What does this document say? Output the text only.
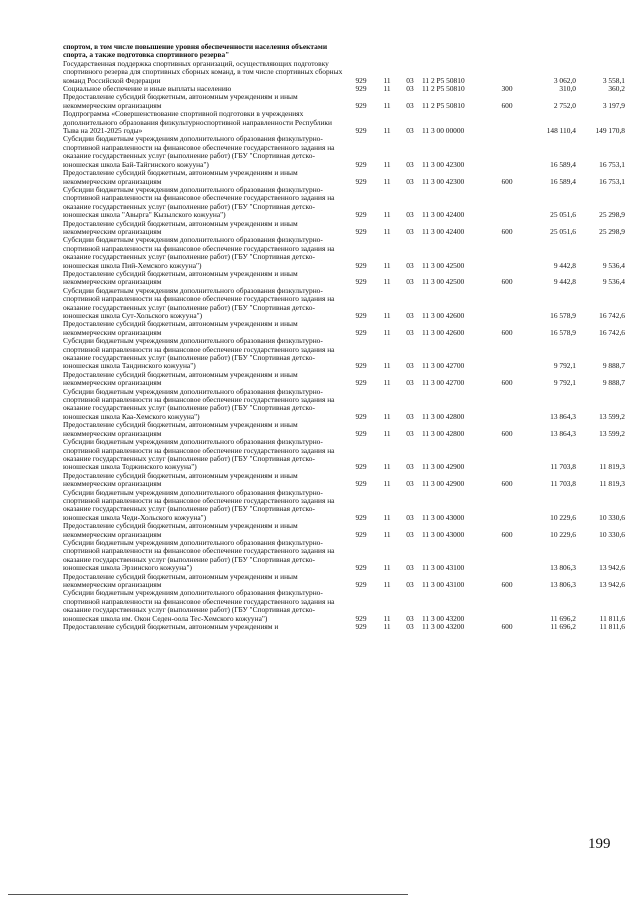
спортом, в том числе повышение уровня обеспеченности населения объектами спорта, а также подготовка спортивного резерва"							
Государственная поддержка спортивных организаций, осуществляющих подготовку спортивного резерва для спортивных сборных команд, в том числе спортивных сборных команд Российской Федерации	929	11	03	11 2 P5 50810		3 062,0	3 558,1
Социальное обеспечение и иные выплаты населению	929	11	03	11 2 P5 50810	300	310,0	360,2
Предоставление субсидий бюджетным, автономным учреждениям и иным некоммерческим организациям	929	11	03	11 2 P5 50810	600	2 752,0	3 197,9
Подпрограмма «Совершенствование спортивной подготовки в учреждениях дополнительного образования физкультурноспортивной направленности Республики Тыва на 2021-2025 годы»	929	11	03	11 3 00 00000		148 110,4	149 170,8
Субсидии бюджетным учреждениям дополнительного образования физкультурно-спортивной направленности на финансовое обеспечение государственного задания на оказание государственных услуг (выполнение работ) (ГБУ "Спортивная детско-юношеская школа Бай-Тайгинского кожууна")	929	11	03	11 3 00 42300		16 589,4	16 753,1
Предоставление субсидий бюджетным, автономным учреждениям и иным некоммерческим организациям	929	11	03	11 3 00 42300	600	16 589,4	16 753,1
Субсидии бюджетным учреждениям дополнительного образования физкультурно-спортивной направленности на финансовое обеспечение государственного задания на оказание государственных услуг (выполнение работ) (ГБУ "Спортивная детско-юношеская школа "Авырга" Кызылского кожууна")	929	11	03	11 3 00 42400		25 051,6	25 298,9
Предоставление субсидий бюджетным, автономным учреждениям и иным некоммерческим организациям	929	11	03	11 3 00 42400	600	25 051,6	25 298,9
Субсидии бюджетным учреждениям дополнительного образования физкультурно-спортивной направленности на финансовое обеспечение государственного задания на оказание государственных услуг (выполнение работ) (ГБУ "Спортивная детско-юношеская школа Пий-Хемского кожууна")	929	11	03	11 3 00 42500		9 442,8	9 536,4
Предоставление субсидий бюджетным, автономным учреждениям и иным некоммерческим организациям	929	11	03	11 3 00 42500	600	9 442,8	9 536,4
Субсидии бюджетным учреждениям дополнительного образования физкультурно-спортивной направленности на финансовое обеспечение государственного задания на оказание государственных услуг (выполнение работ) (ГБУ "Спортивная детско-юношеская школа Сут-Хольского кожууна")	929	11	03	11 3 00 42600		16 578,9	16 742,6
Предоставление субсидий бюджетным, автономным учреждениям и иным некоммерческим организациям	929	11	03	11 3 00 42600	600	16 578,9	16 742,6
Субсидии бюджетным учреждениям дополнительного образования физкультурно-спортивной направленности на финансовое обеспечение государственного задания на оказание государственных услуг (выполнение работ) (ГБУ "Спортивная детско-юношеская школа Тандинского кожууна")	929	11	03	11 3 00 42700		9 792,1	9 888,7
Предоставление субсидий бюджетным, автономным учреждениям и иным некоммерческим организациям	929	11	03	11 3 00 42700	600	9 792,1	9 888,7
Субсидии бюджетным учреждениям дополнительного образования физкультурно-спортивной направленности на финансовое обеспечение государственного задания на оказание государственных услуг (выполнение работ) (ГБУ "Спортивная детско-юношеская школа Каа-Хемского кожууна")	929	11	03	11 3 00 42800		13 864,3	13 599,2
Предоставление субсидий бюджетным, автономным учреждениям и иным некоммерческим организациям	929	11	03	11 3 00 42800	600	13 864,3	13 599,2
Субсидии бюджетным учреждениям дополнительного образования физкультурно-спортивной направленности на финансовое обеспечение государственного задания на оказание государственных услуг (выполнение работ) (ГБУ "Спортивная детско-юношеская школа Тоджинского кожууна")	929	11	03	11 3 00 42900		11 703,8	11 819,3
Предоставление субсидий бюджетным, автономным учреждениям и иным некоммерческим организациям	929	11	03	11 3 00 42900	600	11 703,8	11 819,3
Субсидии бюджетным учреждениям дополнительного образования физкультурно-спортивной направленности на финансовое обеспечение государственного задания на оказание государственных услуг (выполнение работ) (ГБУ "Спортивная детско-юношеская школа Чеди-Хольского кожууна")	929	11	03	11 3 00 43000		10 229,6	10 330,6
Предоставление субсидий бюджетным, автономным учреждениям и иным некоммерческим организациям	929	11	03	11 3 00 43000	600	10 229,6	10 330,6
Субсидии бюджетным учреждениям дополнительного образования физкультурно-спортивной направленности на финансовое обеспечение государственного задания на оказание государственных услуг (выполнение работ) (ГБУ "Спортивная детско-юношеская школа Эрзинского кожууна")	929	11	03	11 3 00 43100		13 806,3	13 942,6
Предоставление субсидий бюджетным, автономным учреждениям и иным некоммерческим организациям	929	11	03	11 3 00 43100	600	13 806,3	13 942,6
Субсидии бюджетным учреждениям дополнительного образования физкультурно-спортивной направленности на финансовое обеспечение государственного задания на оказание государственных услуг (выполнение работ) (ГБУ "Спортивная детско-юношеская школа им. Окон Седен-оола Тес-Хемского кожууна")	929	11	03	11 3 00 43200		11 696,2	11 811,6
Предоставление субсидий бюджетным, автономным учреждениям и	929	11	03	11 3 00 43200	600	11 696,2	11 811,6
199
